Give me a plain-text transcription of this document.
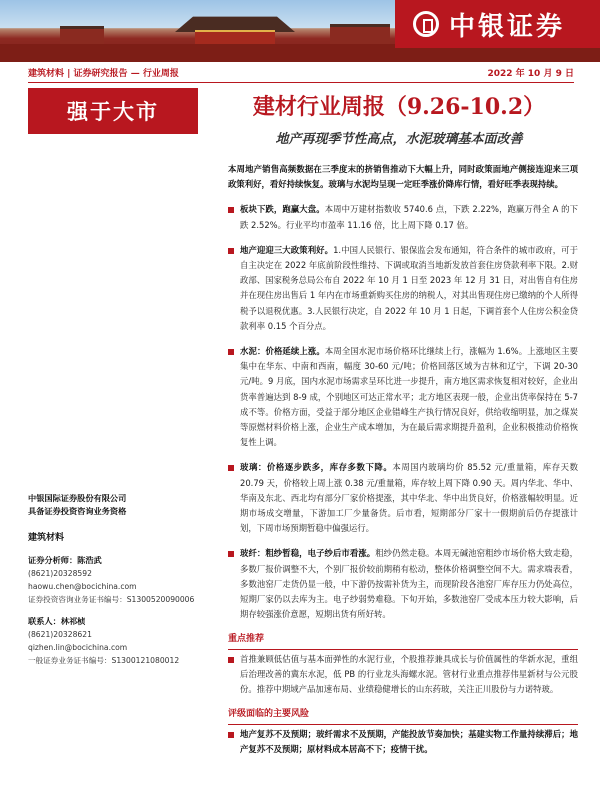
中银证券
建筑材料 | 证券研究报告 — 行业周报	2022 年 10 月 9 日
强于大市	建材行业周报（9.26-10.2）
地产再现季节性高点，水泥玻璃基本面改善
中银国际证券股份有限公司
具备证券投资咨询业务资格
建筑材料
证券分析师：陈浩武
(8621)20328592
haowu.chen@bocichina.com
证券投资咨询业务证书编号：S1300520090006
联系人：林祁桢
(8621)20328621
qizhen.lin@bocichina.com
一般证券业务证书编号：S1300121080012

本周地产销售高频数据在三季度末的挤销售推动下大幅上升，同时政策面地产侧接连迎来三项政策利好，看好持续恢复。玻璃与水泥均呈现一定旺季涨价降库行情，看好旺季表现持续。

板块下跌，跑赢大盘。本周中万建材指数收 5740.6 点，下跌 2.22%，跑赢万得全 A 的下跌 2.52%。行业平均市盈率 11.16 倍，比上周下降 0.17 倍。
地产迎迎三大政策利好。1.中国人民银行、银保监会发布通知，符合条件的城市政府，可于自主决定在 2022 年底前阶段性维持、下调或取消当地新发放首套住房贷款利率下限。2.财政部、国家税务总局公布自 2022 年 10 月 1 日至 2023 年 12 月 31 日，对出售自有住房并在现住房出售后 1 年内在市场重新购买住房的纳税人，对其出售现住房已缴纳的个人所得税予以退税优惠。3.人民银行决定，自 2022 年 10 月 1 日起，下调首套个人住房公积金贷款利率 0.15 个百分点。
水泥：价格延续上涨。本周全国水泥市场价格环比继续上行，涨幅为 1.6%。上涨地区主要集中在华东、中南和西南，幅度 30-60 元/吨；价格回落区域为吉林和辽宁，下调 20-30 元/吨。9 月底，国内水泥市场需求呈环比进一步提升，南方地区需求恢复相对较好，企业出货率普遍达到 8-9 成，个别地区可达正常水平；北方地区表现一般，企业出货率保持在 5-7 成不等。价格方面，受益于部分地区企业错峰生产执行情况良好，供给收缩明显，加之煤炭等原燃材料价格上涨，企业生产成本增加，为在最后需求期提升盈利，企业积极推动价格恢复性上调。
玻璃：价格逐步跌多，库存多数下降。本周国内玻璃均价 85.52 元/重量箱，库存天数 20.79 天，价格较上周上涨 0.38 元/重量箱，库存较上周下降 0.90 天。周内华北、华中、华南及东北、西北均有部分厂家价格提涨，其中华北、华中出货良好，价格涨幅较明显。近期市场成交增量，下游加工厂少量备货。后市看，短期部分厂家十一假期前后仍存提涨计划，下周市场预期暂稳中偏强运行。
玻纤：粗纱暂稳，电子纱后市看涨。粗纱仍然走稳。本周无碱池窑粗纱市场价格大致走稳，多数厂报价调整不大，个别厂报价较前期稍有松动，整体价格调整空间不大。需求端表看，多数池窑厂走货仍显一般，中下游仍按需补货为主，而现阶段各池窑厂库存压力仍处高位，短期厂家仍以去库为主。电子纱弱势难稳。下旬开始，多数池窑厂受成本压力较大影响，后期存较强涨价意愿，短期出货有所好转。
重点推荐
首推兼顾低估值与基本面弹性的水泥行业，个股推荐兼具成长与价值属性的华新水泥，重组后治理改善的冀东水泥，低 PB 的行业龙头海螺水泥。管材行业重点推荐伟星新材与公元股份。推荐中期域产品加速布局、业绩稳健增长的山东药玻，关注正川股份与力诺特玻。
评级面临的主要风险
地产复苏不及预期；玻纤需求不及预期，产能投放节奏加快；基建实物工作量持续滞后；地产复苏不及预期；原材料成本居高不下；疫情干扰。
